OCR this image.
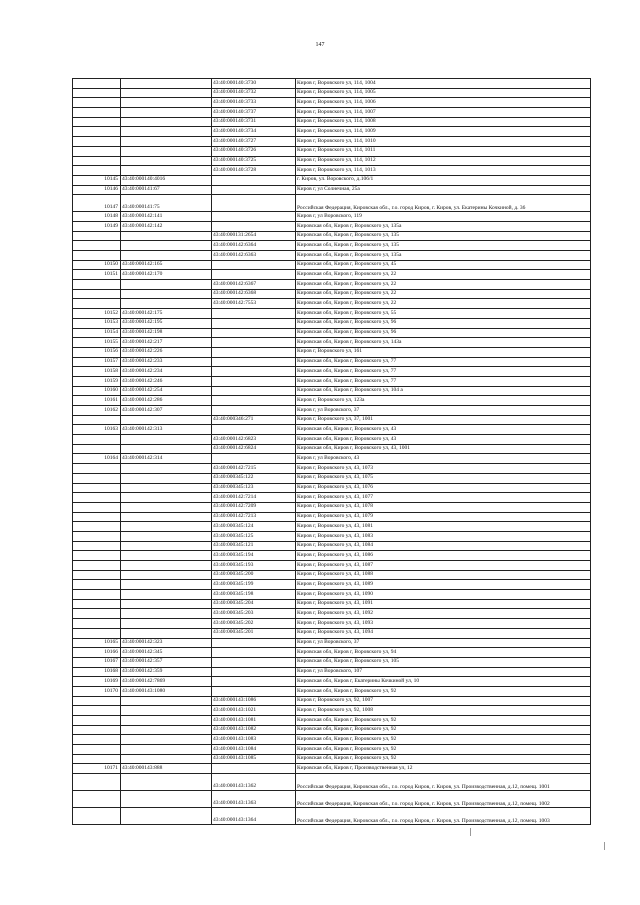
147
		43:40:000140:3730	Киров г, Воровского ул, 114, 1004
		43:40:000140:3732	Киров г, Воровского ул, 114, 1005
		43:40:000140:3733	Киров г, Воровского ул, 114, 1006
		43:40:000140:3737	Киров г, Воровского ул, 114, 1007
		43:40:000140:3731	Киров г, Воровского ул, 114, 1008
		43:40:000140:3734	Киров г, Воровского ул, 114, 1009
		43:40:000140:3727	Киров г, Воровского ул, 114, 1010
		43:40:000140:3726	Киров г, Воровского ул, 114, 1011
		43:40:000140:3725	Киров г, Воровского ул, 114, 1012
		43:40:000140:3728	Киров г, Воровского ул, 114, 1013
10145	43:40:000140:4016		г. Киров, ул. Воровского, д.106/1
10146	43:40:000141:67		Киров г, ул Солнечная, 25а
10147	43:40:000141:75		Российская Федерация, Кировская обл., г.о. город Киров, г. Киров, ул. Екатерины Кочкиной, д. 36
10148	43:40:000142:141		Киров г, ул Воровского, 119
10149	43:40:000142:142		Кировская обл, Киров г, Воровского ул, 135а
		43:40:000131:2654	Кировская обл, Киров г, Воровского ул, 135
		43:40:000142:6364	Кировская обл, Киров г, Воровского ул, 135
		43:40:000142:6363	Кировская обл, Киров г, Воровского ул, 135а
10150	43:40:000142:165		Кировская обл, Киров г, Воровского ул, 45
10151	43:40:000142:170		Кировская обл, Киров г, Воровского ул, 22
		43:40:000142:6367	Кировская обл, Киров г, Воровского ул, 22
		43:40:000142:6368	Кировская обл, Киров г, Воровского ул, 22
		43:40:000142:7553	Кировская обл, Киров г, Воровского ул, 22
10152	43:40:000142:175		Кировская обл, Киров г, Воровского ул, 55
10153	43:40:000142:195		Кировская обл, Киров г, Воровского ул, 96
10154	43:40:000142:198		Кировская обл, Киров г, Воровского ул, 96
10155	43:40:000142:217		Кировская обл, Киров г, Воровского ул, 143а
10156	43:40:000142:226		Киров г, Воровского ул, 161
10157	43:40:000142:233		Кировская обл, Киров г, Воровского ул, 77
10158	43:40:000142:234		Кировская обл, Киров г, Воровского ул, 77
10159	43:40:000142:246		Кировская обл, Киров г, Воровского ул, 77
10160	43:40:000142:254		Кировская обл, Киров г, Воровского ул, 104 а
10161	43:40:000142:286		Киров г, Воровского ул, 123а
10162	43:40:000142:307		Киров г, ул Воровского, 37
		43:40:000346:271	Киров г, Воровского ул, 37, 1001
10163	43:40:000142:313		Кировская обл, Киров г, Воровского ул, 43
		43:40:000142:6823	Кировская обл, Киров г, Воровского ул, 43
		43:40:000142:6824	Кировская обл, Киров г, Воровского ул, 43, 1001
10164	43:40:000142:314		Киров г, ул Воровского, 43
		43:40:000142:7215	Киров г, Воровского ул, 43, 1073
		43:40:000345:122	Киров г, Воровского ул, 43, 1075
		43:40:000345:123	Киров г, Воровского ул, 43, 1076
		43:40:000142:7214	Киров г, Воровского ул, 43, 1077
		43:40:000142:7209	Киров г, Воровского ул, 43, 1078
		43:40:000142:7213	Киров г, Воровского ул, 43, 1079
		43:40:000345:124	Киров г, Воровского ул, 43, 1081
		43:40:000345:125	Киров г, Воровского ул, 43, 1083
		43:40:000345:121	Киров г, Воровского ул, 43, 1084
		43:40:000345:194	Киров г, Воровского ул, 43, 1086
		43:40:000345:193	Киров г, Воровского ул, 43, 1087
		43:40:000345:200	Киров г, Воровского ул, 43, 1088
		43:40:000345:199	Киров г, Воровского ул, 43, 1089
		43:40:000345:198	Киров г, Воровского ул, 43, 1090
		43:40:000345:204	Киров г, Воровского ул, 43, 1091
		43:40:000345:203	Киров г, Воровского ул, 43, 1092
		43:40:000345:202	Киров г, Воровского ул, 43, 1093
		43:40:000345:201	Киров г, Воровского ул, 43, 1094
10165	43:40:000142:323		Киров г, ул Воровского, 37
10166	43:40:000142:345		Кировская обл, Киров г, Воровского ул, 94
10167	43:40:000142:357		Кировская обл, Киров г, Воровского ул, 105
10168	43:40:000142:359		Киров г, ул Воровского, 107
10169	43:40:000142:7869		Кировская обл, Киров г, Екатерины Кочкиной ул, 10
10170	43:40:000143:1080		Кировская обл, Киров г, Воровского ул, 92
		43:40:000143:1086	Киров г, Воровского ул, 92, 1007
		43:40:000143:1021	Киров г, Воровского ул, 92, 1008
		43:40:000143:1081	Кировская обл, Киров г, Воровского ул, 92
		43:40:000143:1082	Кировская обл, Киров г, Воровского ул, 92
		43:40:000143:1083	Кировская обл, Киров г, Воровского ул, 92
		43:40:000143:1084	Кировская обл, Киров г, Воровского ул, 92
		43:40:000143:1085	Кировская обл, Киров г, Воровского ул, 92
10171	43:40:000143:888		Кировская обл, Киров г, Производственная ул, 12
		43:40:000143:1362	Российская Федерация, Кировская обл., г.о. город Киров, г. Киров, ул. Производственная, д.12, помещ. 1001
		43:40:000143:1363	Российская Федерация, Кировская обл., г.о. город Киров, г. Киров, ул. Производственная, д.12, помещ. 1002
		43:40:000143:1364	Российская Федерация, Кировская обл., г.о. город Киров, г. Киров, ул. Производственная, д.12, помещ. 1003
